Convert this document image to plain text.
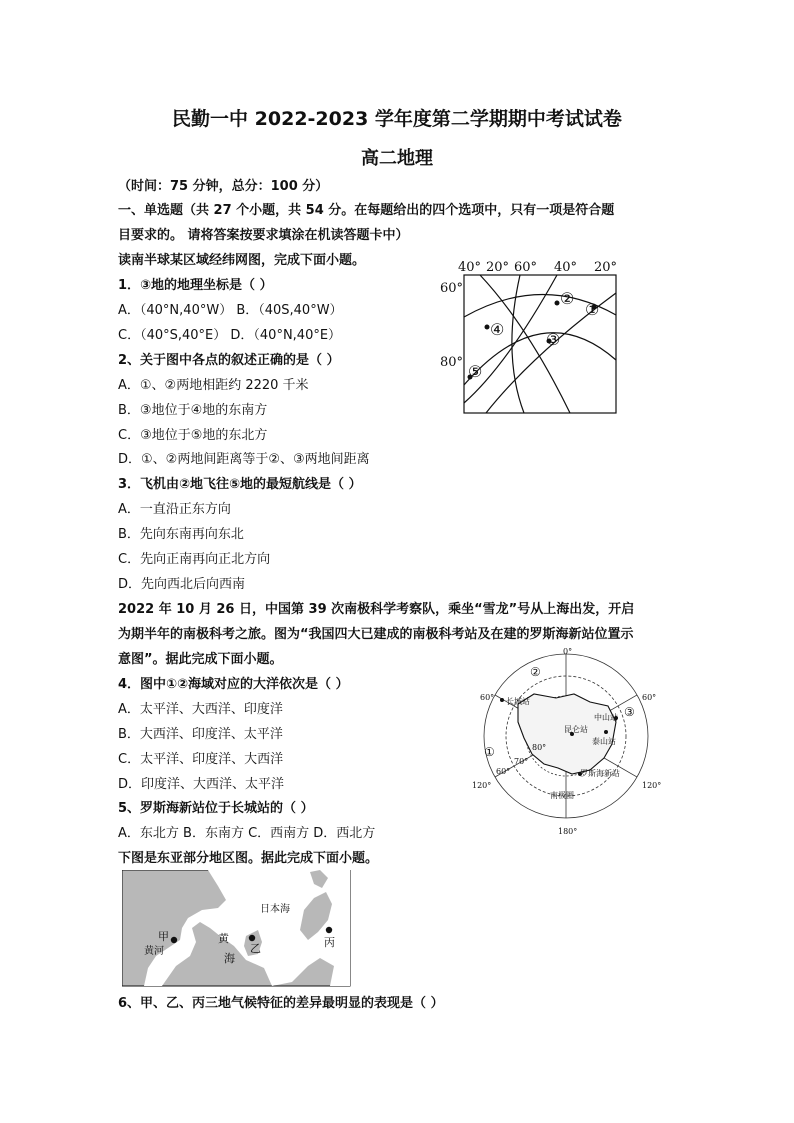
民勤一中 2022-2023 学年度第二学期期中考试试卷
高二地理
（时间：75 分钟，总分：100 分）
一、单选题（共 27 个小题，共 54 分。在每题给出的四个选项中，只有一项是符合题
目要求的。 请将答案按要求填涂在机读答题卡中）
读南半球某区域经纬网图，完成下面小题。
1．③地的地理坐标是（ ）
A．（40°N,40°W） B．（40S,40°W）
C．（40°S,40°E） D．（40°N,40°E）
2、关于图中各点的叙述正确的是（ ）
A．①、②两地相距约 2220 千米
B．③地位于④地的东南方
C．③地位于⑤地的东北方
D．①、②两地间距离等于②、③两地间距离
3．飞机由②地飞往⑤地的最短航线是（ ）
A．一直沿正东方向
B．先向东南再向东北
C．先向正南再向正北方向
D．先向西北后向西南
2022 年 10 月 26 日，中国第 39 次南极科学考察队，乘坐“雪龙”号从上海出发，开启
为期半年的南极科考之旅。图为“我国四大已建成的南极科考站及在建的罗斯海新站位置示
意图”。据此完成下面小题。
4．图中①②海域对应的大洋依次是（ ）
A．太平洋、大西洋、印度洋
B．大西洋、印度洋、太平洋
C．太平洋、印度洋、大西洋
D．印度洋、大西洋、太平洋
5、罗斯海新站位于长城站的（ ）
A．东北方 B．东南方 C．西南方 D．西北方
下图是东亚部分地区图。据此完成下面小题。
6、甲、乙、丙三地气候特征的差异最明显的表现是（ ）
40° 20° 60° 40° 20°
60°
80°
①
②
③
④
⑤
0°
60°	60°
120°	120°
180°
80°
70°
60°
长城站
昆仑站
中山站
泰山站
罗斯海新站
南极圈
①
②
③
甲
黄河
黄
海
乙
日本海
丙
